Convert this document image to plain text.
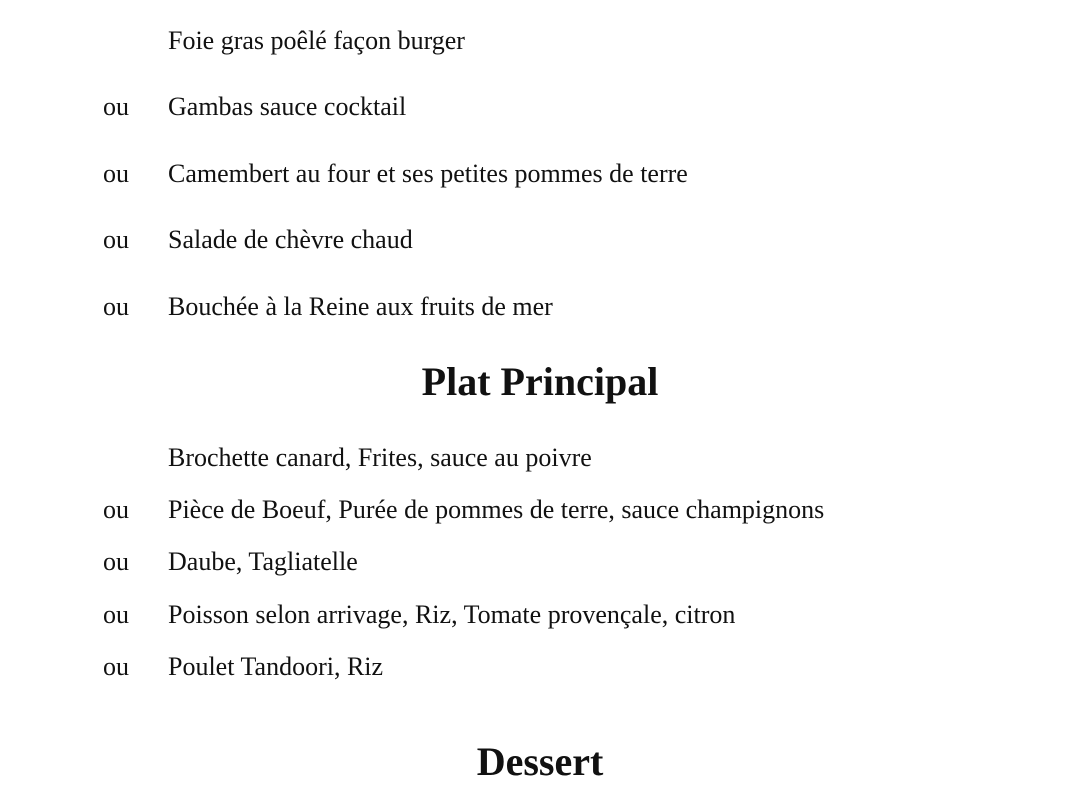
Foie gras poêlé façon burger
ou Gambas sauce cocktail
ou Camembert au four et ses petites pommes de terre
ou Salade de chèvre chaud
ou Bouchée à la Reine aux fruits de mer
Plat Principal
Brochette canard, Frites, sauce au poivre
ou Pièce de Boeuf, Purée de pommes de terre, sauce champignons
ou Daube, Tagliatelle
ou Poisson selon arrivage, Riz, Tomate provençale, citron
ou Poulet Tandoori, Riz
Dessert
